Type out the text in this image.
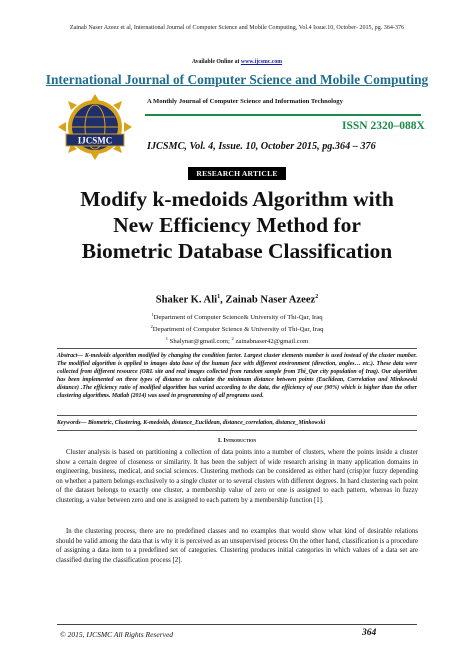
Zainab Naser Azeez et al, International Journal of Computer Science and Mobile Computing, Vol.4 Issue.10, October- 2015, pg. 364-376
Available Online at www.ijcsmc.com
International Journal of Computer Science and Mobile Computing
IJCSMC
A Monthly Journal of Computer Science and Information Technology
ISSN 2320–088X
IJCSMC, Vol. 4, Issue. 10, October 2015, pg.364 – 376
RESEARCH ARTICLE
Modify k-medoids Algorithm with
New Efficiency Method for
Biometric Database Classification
Shaker K. Ali$^1$, Zainab Naser Azeez$^2$
$^1$Department of Computer Science& University of Thi-Qar, Iraq
$^2$Department of Computer Science & University of Thi-Qar, Iraq
$^1$ Shalynar@gmail.com; $^2$ zainabnaser42@gmail.com
Abstract— K-medoids algorithm modified by changing the condition factor. Largest cluster elements number is used instead of the cluster number. The modified algorithm is applied to images data base of the human face with different environment (direction, angles… etc.). These data were collected from different resource (ORL site and real images collected from random sample from Thi_Qar city population of Iraq). Our algorithm has been implemented on three types of distance to calculate the minimum distance between points (Euclidean, Correlation and Minkowski distance) .The efficiency ratio of modified algorithm has varied according to the data, the efficiency of our (90%) which is higher than the other clustering algorithms. Matlab (2014) was used in programming of all programs used.
Keywords— Biometric, Clustering, K-medoids, distance_Euclidean, distance_correlation, distance_Minkowski
I. Introduction
Cluster analysis is based on partitioning a collection of data points into a number of clusters, where the points inside a cluster show a certain degree of closeness or similarity. It has been the subject of wide research arising in many application domains in engineering, business, medical, and social sciences. Clustering methods can be considered as either hard (crisp)or fuzzy depending on whether a pattern belongs exclusively to a single cluster or to several clusters with different degrees. In hard clustering each point of the dataset belongs to exactly one cluster, a membership value of zero or one is assigned to each pattern, whereas in fuzzy clustering, a value between zero and one is assigned to each pattern by a membership function [1].
In the clustering process, there are no predefined classes and no examples that would show what kind of desirable relations should be valid among the data that is why it is perceived as an unsupervised process On the other hand, classification is a procedure of assigning a data item to a predefined set of categories. Clustering produces initial categories in which values of a data set are classified during the classification process [2].
© 2015, IJCSMC All Rights Reserved	364
